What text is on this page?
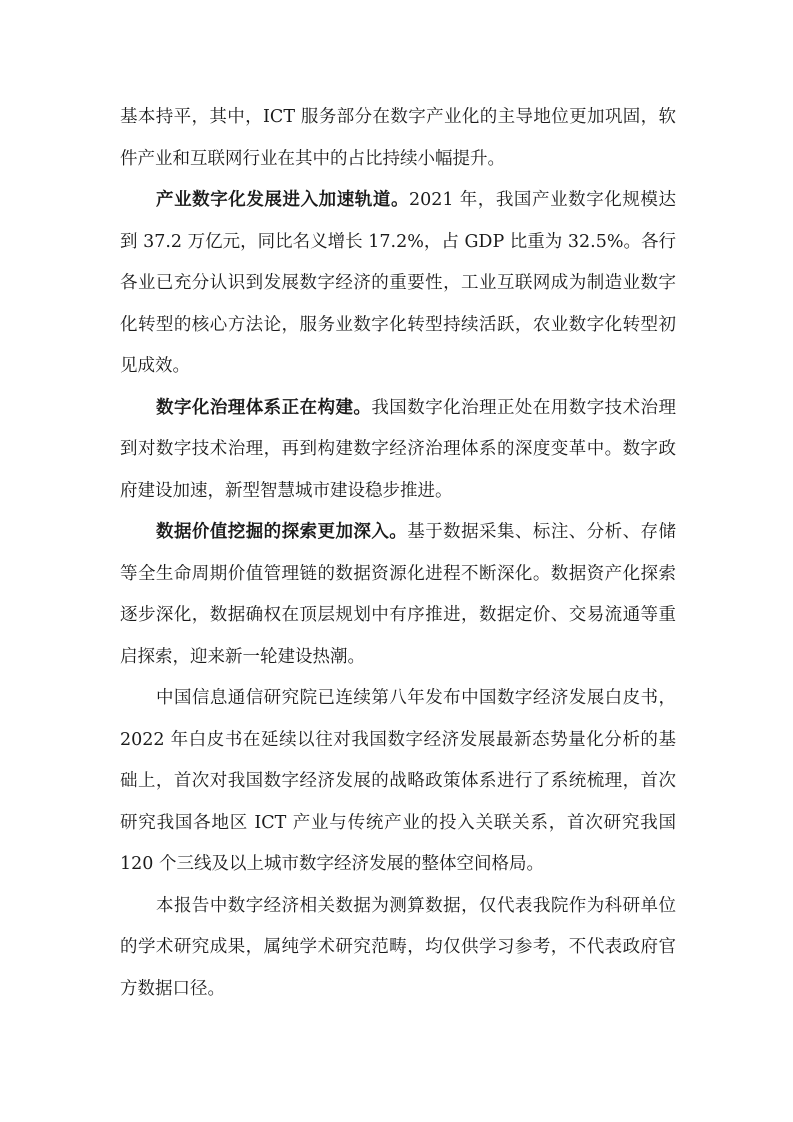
基本持平，其中，ICT 服务部分在数字产业化的主导地位更加巩固，软件产业和互联网行业在其中的占比持续小幅提升。

产业数字化发展进入加速轨道。2021 年，我国产业数字化规模达到 37.2 万亿元，同比名义增长 17.2%，占 GDP 比重为 32.5%。各行各业已充分认识到发展数字经济的重要性，工业互联网成为制造业数字化转型的核心方法论，服务业数字化转型持续活跃，农业数字化转型初见成效。

数字化治理体系正在构建。我国数字化治理正处在用数字技术治理到对数字技术治理，再到构建数字经济治理体系的深度变革中。数字政府建设加速，新型智慧城市建设稳步推进。

数据价值挖掘的探索更加深入。基于数据采集、标注、分析、存储等全生命周期价值管理链的数据资源化进程不断深化。数据资产化探索逐步深化，数据确权在顶层规划中有序推进，数据定价、交易流通等重启探索，迎来新一轮建设热潮。

中国信息通信研究院已连续第八年发布中国数字经济发展白皮书，2022 年白皮书在延续以往对我国数字经济发展最新态势量化分析的基础上，首次对我国数字经济发展的战略政策体系进行了系统梳理，首次研究我国各地区 ICT 产业与传统产业的投入关联关系，首次研究我国 120 个三线及以上城市数字经济发展的整体空间格局。

本报告中数字经济相关数据为测算数据，仅代表我院作为科研单位的学术研究成果，属纯学术研究范畴，均仅供学习参考，不代表政府官方数据口径。
